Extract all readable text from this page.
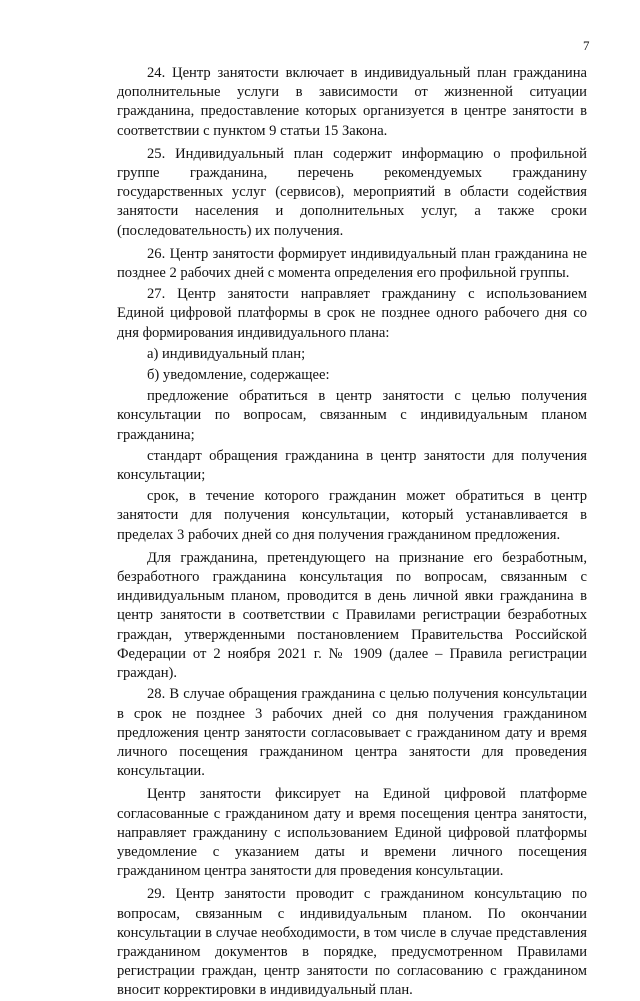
7

24. Центр занятости включает в индивидуальный план гражданина дополнительные услуги в зависимости от жизненной ситуации гражданина, предоставление которых организуется в центре занятости в соответствии с пунктом 9 статьи 15 Закона.

25. Индивидуальный план содержит информацию о профильной группе гражданина, перечень рекомендуемых гражданину государственных услуг (сервисов), мероприятий в области содействия занятости населения и дополнительных услуг, а также сроки (последовательность) их получения.

26. Центр занятости формирует индивидуальный план гражданина не позднее 2 рабочих дней с момента определения его профильной группы.

27. Центр занятости направляет гражданину с использованием Единой цифровой платформы в срок не позднее одного рабочего дня со дня формирования индивидуального плана:

а) индивидуальный план;

б) уведомление, содержащее:

предложение обратиться в центр занятости с целью получения консультации по вопросам, связанным с индивидуальным планом гражданина;

стандарт обращения гражданина в центр занятости для получения консультации;

срок, в течение которого гражданин может обратиться в центр занятости для получения консультации, который устанавливается в пределах 3 рабочих дней со дня получения гражданином предложения.

Для гражданина, претендующего на признание его безработным, безработного гражданина консультация по вопросам, связанным с индивидуальным планом, проводится в день личной явки гражданина в центр занятости в соответствии с Правилами регистрации безработных граждан, утвержденными постановлением Правительства Российской Федерации от 2 ноября 2021 г. № 1909 (далее – Правила регистрации граждан).

28. В случае обращения гражданина с целью получения консультации в срок не позднее 3 рабочих дней со дня получения гражданином предложения центр занятости согласовывает с гражданином дату и время личного посещения гражданином центра занятости для проведения консультации.

Центр занятости фиксирует на Единой цифровой платформе согласованные с гражданином дату и время посещения центра занятости, направляет гражданину с использованием Единой цифровой платформы уведомление с указанием даты и времени личного посещения гражданином центра занятости для проведения консультации.

29. Центр занятости проводит с гражданином консультацию по вопросам, связанным с индивидуальным планом. По окончании консультации в случае необходимости, в том числе в случае представления гражданином документов в порядке, предусмотренном Правилами регистрации граждан, центр занятости по согласованию с гражданином вносит корректировки в индивидуальный план.
